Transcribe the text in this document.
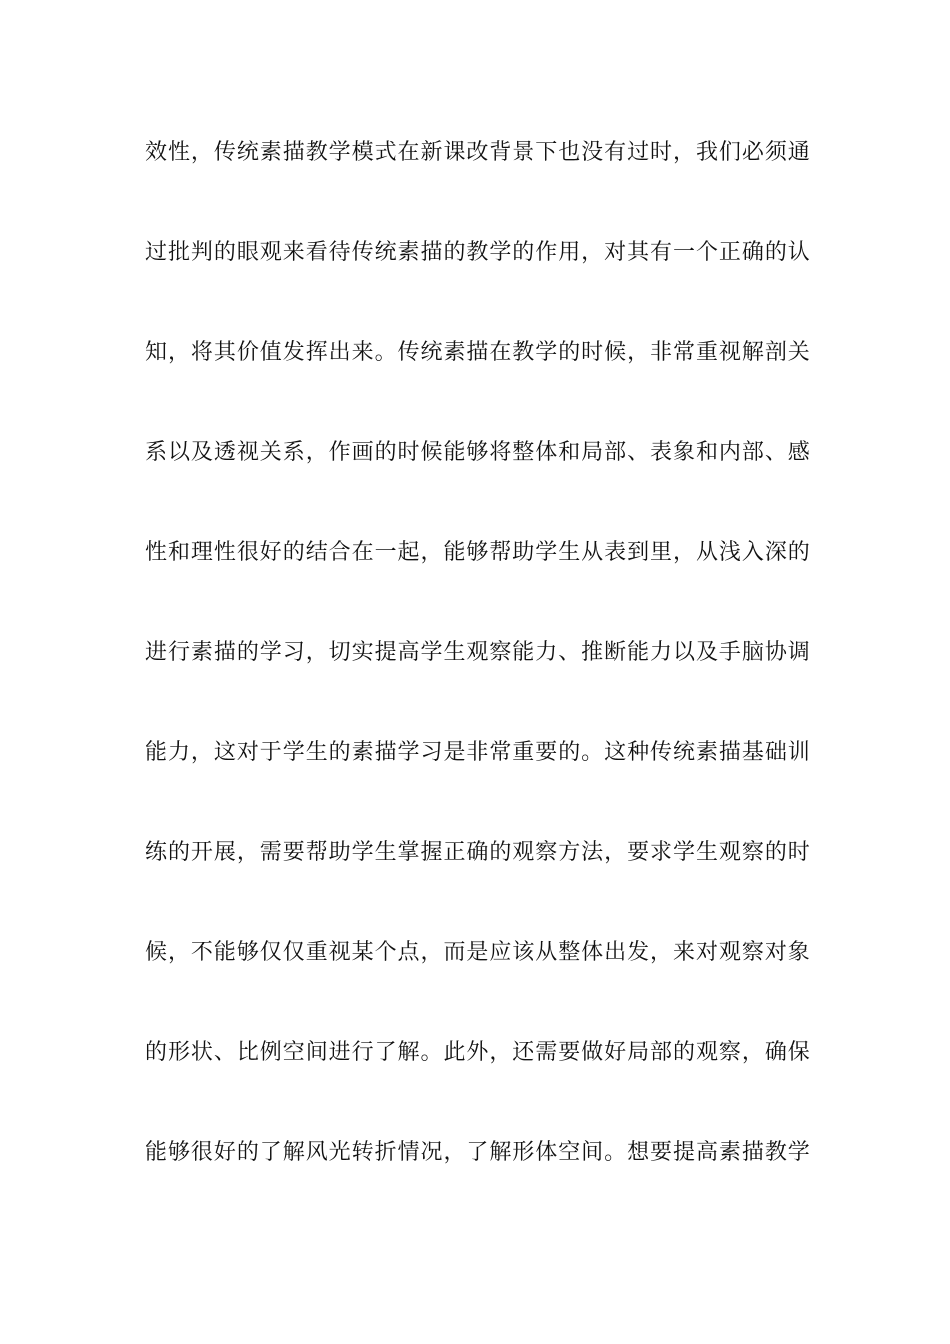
效性，传统素描教学模式在新课改背景下也没有过时，我们必须通
过批判的眼观来看待传统素描的教学的作用，对其有一个正确的认
知，将其价值发挥出来。传统素描在教学的时候，非常重视解剖关
系以及透视关系，作画的时候能够将整体和局部、表象和内部、感
性和理性很好的结合在一起，能够帮助学生从表到里，从浅入深的
进行素描的学习，切实提高学生观察能力、推断能力以及手脑协调
能力，这对于学生的素描学习是非常重要的。这种传统素描基础训
练的开展，需要帮助学生掌握正确的观察方法，要求学生观察的时
候，不能够仅仅重视某个点，而是应该从整体出发，来对观察对象
的形状、比例空间进行了解。此外，还需要做好局部的观察，确保
能够很好的了解风光转折情况，了解形体空间。想要提高素描教学
